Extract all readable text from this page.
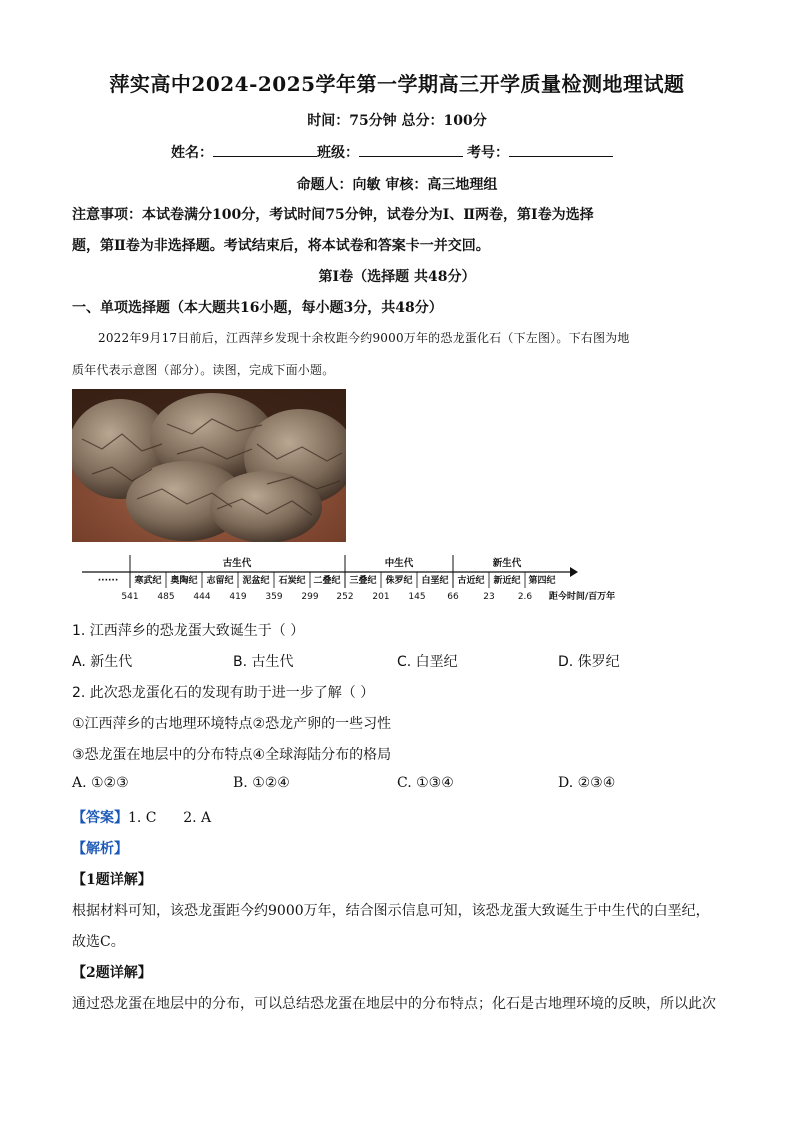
萍实高中2024-2025学年第一学期高三开学质量检测地理试题
时间：75分钟 总分：100分
姓名：	班级：	考号：
命题人：向敏 审核：高三地理组
注意事项：本试卷满分100分，考试时间75分钟，试卷分为Ⅰ、Ⅱ两卷，第Ⅰ卷为选择
题，第Ⅱ卷为非选择题。考试结束后，将本试卷和答案卡一并交回。
第Ⅰ卷（选择题 共48分）
一、单项选择题（本大题共16小题，每小题3分，共48分）
2022年9月17日前后，江西萍乡发现十余枚距今约9000万年的恐龙蛋化石（下左图）。下右图为地
质年代表示意图（部分）。读图，完成下面小题。
古生代	中生代	新生代
······ 寒武纪 奥陶纪 志留纪 泥盆纪 石炭纪 二叠纪 三叠纪 侏罗纪 白垩纪 古近纪 新近纪 第四纪
541 485 444 419 359 299 252 201 145 66	23	2.6 距今时间/百万年
1. 江西萍乡的恐龙蛋大致诞生于（ ）
A. 新生代	B. 古生代	C. 白垩纪	D. 侏罗纪
2. 此次恐龙蛋化石的发现有助于进一步了解（ ）
①江西萍乡的古地理环境特点②恐龙产卵的一些习性
③恐龙蛋在地层中的分布特点④全球海陆分布的格局
A. ①②③	B. ①②④	C. ①③④	D. ②③④
【答案】1. C      2. A
【解析】
【1题详解】
根据材料可知，该恐龙蛋距今约9000万年，结合图示信息可知，该恐龙蛋大致诞生于中生代的白垩纪，
故选C。
【2题详解】
通过恐龙蛋在地层中的分布，可以总结恐龙蛋在地层中的分布特点；化石是古地理环境的反映，所以此次
